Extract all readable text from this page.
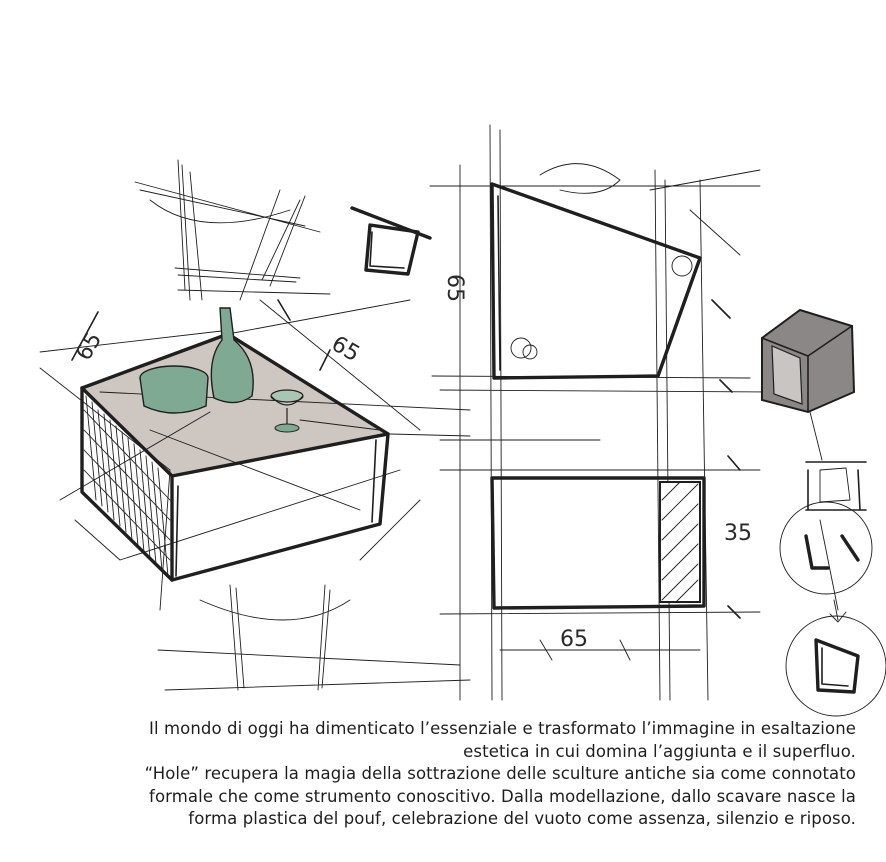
65	65
65
65
35
Il mondo di oggi ha dimenticato l’essenziale e trasformato l’immagine in esaltazione
estetica in cui domina l’aggiunta e il superfluo.
“Hole” recupera la magia della sottrazione delle sculture antiche sia come connotato
formale che come strumento conoscitivo. Dalla modellazione, dallo scavare nasce la
forma plastica del pouf, celebrazione del vuoto come assenza, silenzio e riposo.
